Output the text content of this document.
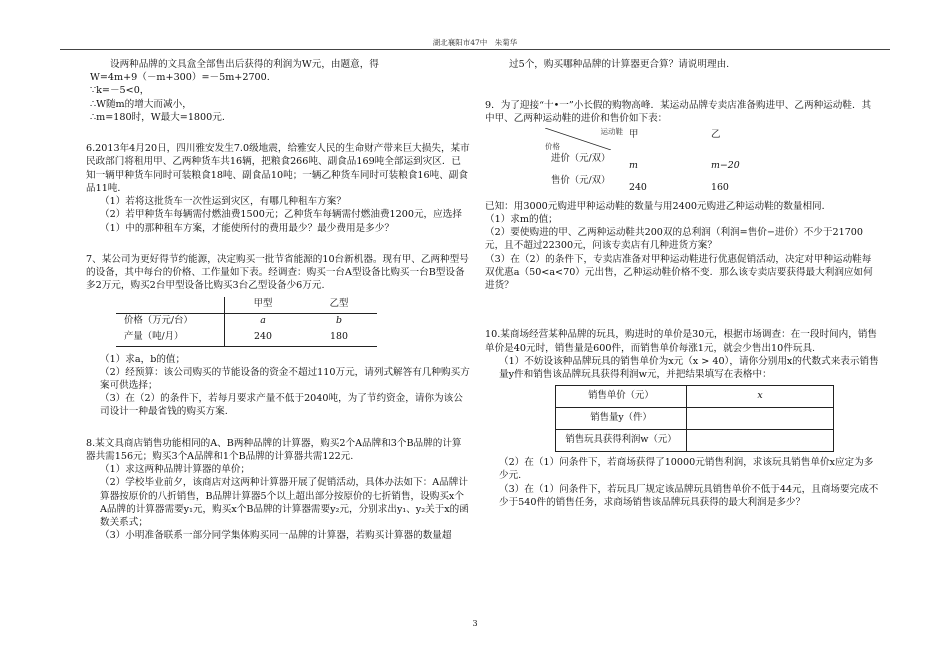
湖北襄阳市47中　朱菊华

设两种品牌的文具盒全部售出后获得的利润为W元，由题意，得

W=4m+9（－m+300）=－5m+2700.

∵k=－5<0，

∴W随m的增大而减小，

∴m=180时，W最大=1800元.

6.2013年4月20日，四川雅安发生7.0级地震，给雅安人民的生命财产带来巨大损失，某市民政部门将租用甲、乙两种货车共16辆，把粮食266吨、副食品169吨全部运到灾区．已知一辆甲种货车同时可装粮食18吨、副食品10吨；一辆乙种货车同时可装粮食16吨、副食品11吨．

（1）若将这批货车一次性运到灾区，有哪几种租车方案？

（2）若甲种货车每辆需付燃油费1500元；乙种货车每辆需付燃油费1200元，应选择（1）中的那种租车方案，才能使所付的费用最少？最少费用是多少？

7、某公司为更好得节约能源，决定购买一批节省能源的10台新机器。现有甲、乙两种型号的设备，其中每台的价格、工作量如下表。经调查：购买一台A型设备比购买一台B型设备多2万元，购买2台甲型设备比购买3台乙型设备少6万元.

	甲型	乙型
价格（万元/台）	a	b
产量（吨/月）	240	180

（1）求a，b的值；

（2）经预算：该公司购买的节能设备的资金不超过110万元，请列式解答有几种购买方案可供选择；

（3）在（2）的条件下，若每月要求产量不低于2040吨，为了节约资金，请你为该公司设计一种最省钱的购买方案.

8.某文具商店销售功能相同的A、B两种品牌的计算器，购买2个A品牌和3个B品牌的计算器共需156元；购买3个A品牌和1个B品牌的计算器共需122元.

（1）求这两种品牌计算器的单价；

（2）学校毕业前夕，该商店对这两种计算器开展了促销活动，具体办法如下：A品牌计算器按原价的八折销售，B品牌计算器5个以上超出部分按原价的七折销售，设购买x个A品牌的计算器需要y₁元，购买x个B品牌的计算器需要y₂元，分别求出y₁、y₂关于x的函数关系式；

（3）小明准备联系一部分同学集体购买同一品牌的计算器，若购买计算器的数量超

过5个，购买哪种品牌的计算器更合算？请说明理由.

9．为了迎接“十•一”小长假的购物高峰．某运动品牌专卖店准备购进甲、乙两种运动鞋．其中甲、乙两种运动鞋的进价和售价如下表：

运动鞋
价格	甲	乙
进价（元/双）	m	m−20
售价（元/双）	240	160

已知：用3000元购进甲种运动鞋的数量与用2400元购进乙种运动鞋的数量相同．

（1）求m的值；

（2）要使购进的甲、乙两种运动鞋共200双的总利润（利润=售价−进价）不少于21700元，且不超过22300元，问该专卖店有几种进货方案？

（3）在（2）的条件下，专卖店准备对甲种运动鞋进行优惠促销活动，决定对甲种运动鞋每双优惠a（50<a<70）元出售，乙种运动鞋价格不变．那么该专卖店要获得最大利润应如何进货？

10.某商场经营某种品牌的玩具，购进时的单价是30元，根据市场调查：在一段时间内，销售单价是40元时，销售量是600件，而销售单价每涨1元，就会少售出10件玩具.

（1）不妨设该种品牌玩具的销售单价为x元（x > 40），请你分别用x的代数式来表示销售量y件和销售该品牌玩具获得利润w元，并把结果填写在表格中：

销售单价（元）	x
销售量y（件）	
销售玩具获得利润w（元）	

（2）在（1）问条件下，若商场获得了10000元销售利润，求该玩具销售单价x应定为多少元.

（3）在（1）问条件下，若玩具厂规定该品牌玩具销售单价不低于44元，且商场要完成不少于540件的销售任务，求商场销售该品牌玩具获得的最大利润是多少？

3
